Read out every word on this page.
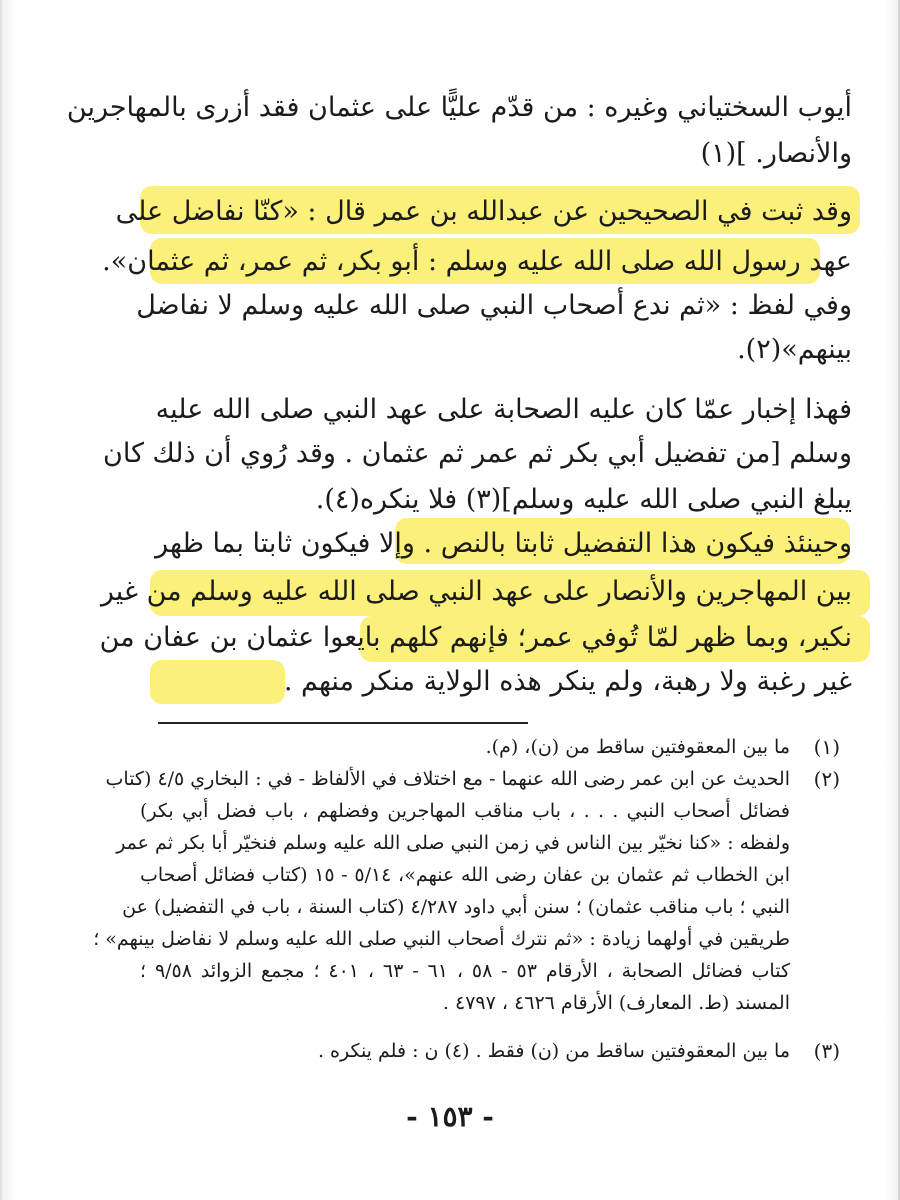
أيوب السختياني وغيره : من قدّم عليًّا على عثمان فقد أزرى بالمهاجرين
والأنصار. ](١)
وقد ثبت في الصحيحين عن عبدالله بن عمر قال : «كنّا نفاضل على
عهد رسول الله صلى الله عليه وسلم : أبو بكر، ثم عمر، ثم عثمان».
وفي لفظ : «ثم ندع أصحاب النبي صلى الله عليه وسلم لا نفاضل
بينهم»(٢).
فهذا إخبار عمّا كان عليه الصحابة على عهد النبي صلى الله عليه
وسلم [من تفضيل أبي بكر ثم عمر ثم عثمان . وقد رُوي أن ذلك كان
يبلغ النبي صلى الله عليه وسلم](٣) فلا ينكره(٤).
وحينئذ فيكون هذا التفضيل ثابتا بالنص . وإلا فيكون ثابتا بما ظهر
بين المهاجرين والأنصار على عهد النبي صلى الله عليه وسلم من غير
نكير، وبما ظهر لمّا تُوفي عمر؛ فإنهم كلهم بايعوا عثمان بن عفان من
غير رغبة ولا رهبة، ولم ينكر هذه الولاية منكر منهم .
(١)
ما بين المعقوفتين ساقط من (ن)، (م).
(٢)
الحديث عن ابن عمر رضى الله عنهما - مع اختلاف في الألفاظ - في : البخاري ٤/٥ (كتاب
فضائل أصحاب النبي . . . ، باب مناقب المهاجرين وفضلهم ، باب فضل أبي بكر)
ولفظه : «كنا نخيّر بين الناس في زمن النبي صلى الله عليه وسلم فنخيّر أبا بكر ثم عمر
ابن الخطاب ثم عثمان بن عفان رضى الله عنهم»، ٥/١٤ - ١٥ (كتاب فضائل أصحاب
النبي ؛ باب مناقب عثمان) ؛ سنن أبي داود ٤/٢٨٧ (كتاب السنة ، باب في التفضيل) عن
طريقين في أولهما زيادة : «ثم نترك أصحاب النبي صلى الله عليه وسلم لا نفاضل بينهم» ؛
كتاب فضائل الصحابة ، الأرقام ٥٣ - ٥٨ ، ٦١ - ٦٣ ، ٤٠١ ؛ مجمع الزوائد ٩/٥٨ ؛
المسند (ط. المعارف) الأرقام ٤٦٢٦ ، ٤٧٩٧ .
(٣)
ما بين المعقوفتين ساقط من (ن) فقط . (٤) ن : فلم ينكره .
- ١٥٣ -
